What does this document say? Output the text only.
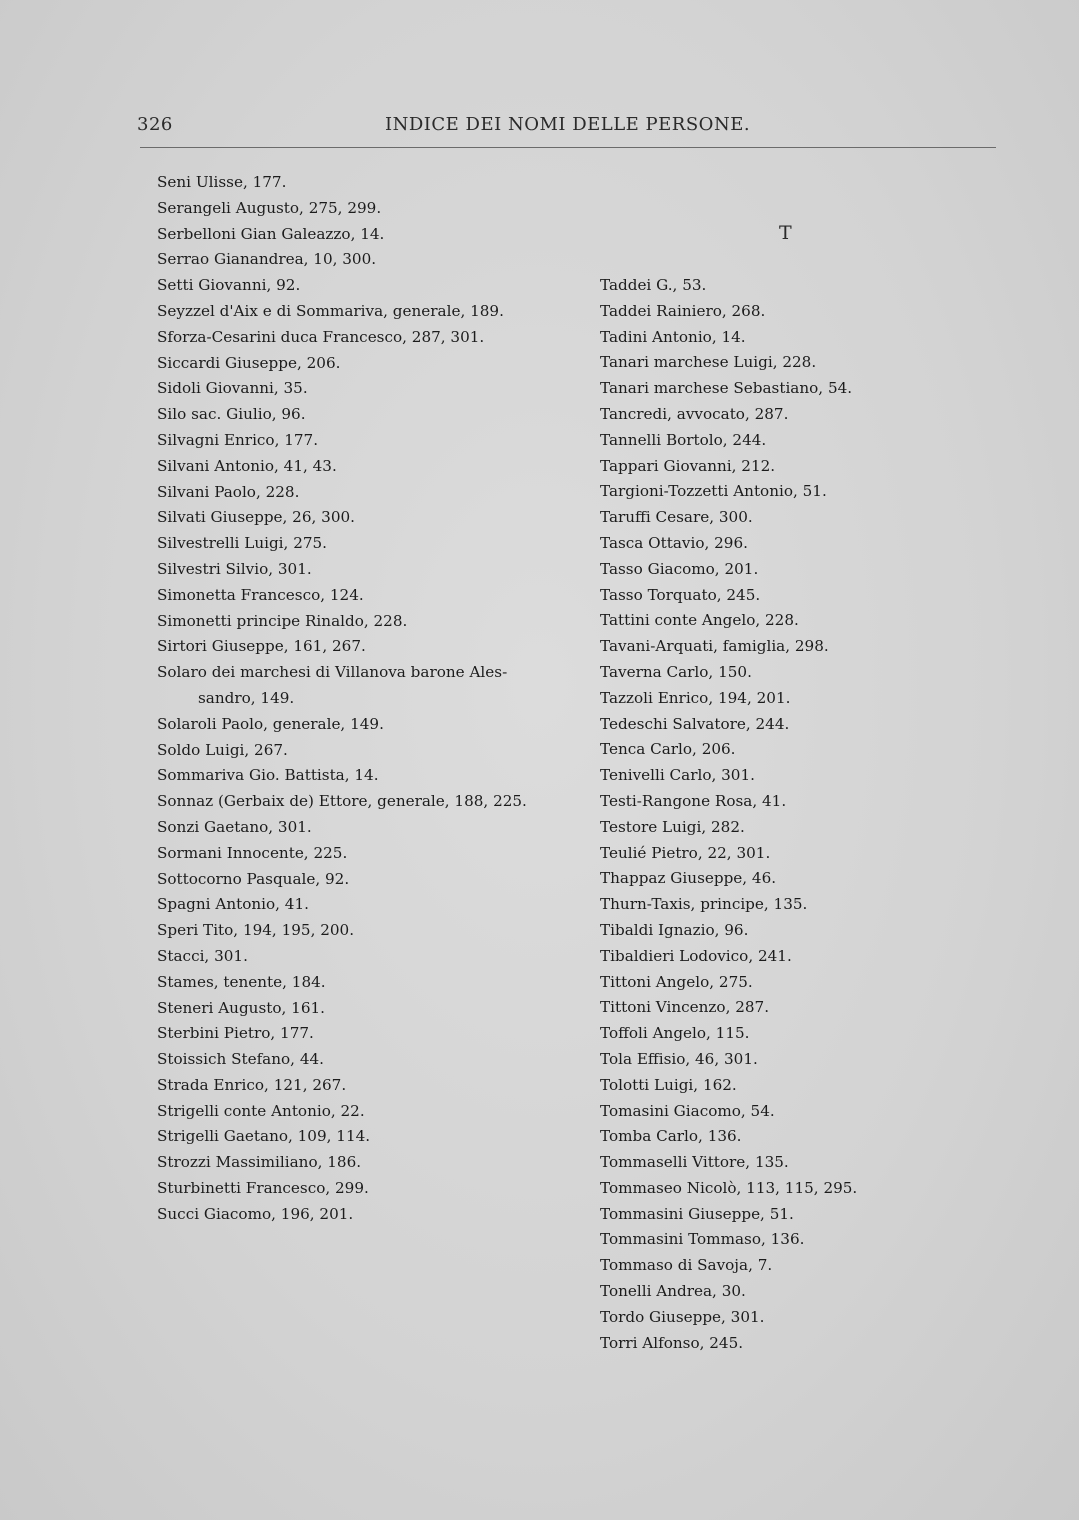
326	INDICE DEI NOMI DELLE PERSONE.
Seni Ulisse, 177.
Serangeli Augusto, 275, 299.
Serbelloni Gian Galeazzo, 14.
Serrao Gianandrea, 10, 300.
Setti Giovanni, 92.
Seyzzel d'Aix e di Sommariva, generale, 189.
Sforza-Cesarini duca Francesco, 287, 301.
Siccardi Giuseppe, 206.
Sidoli Giovanni, 35.
Silo sac. Giulio, 96.
Silvagni Enrico, 177.
Silvani Antonio, 41, 43.
Silvani Paolo, 228.
Silvati Giuseppe, 26, 300.
Silvestrelli Luigi, 275.
Silvestri Silvio, 301.
Simonetta Francesco, 124.
Simonetti principe Rinaldo, 228.
Sirtori Giuseppe, 161, 267.
Solaro dei marchesi di Villanova barone Ales-
sandro, 149.
Solaroli Paolo, generale, 149.
Soldo Luigi, 267.
Sommariva Gio. Battista, 14.
Sonnaz (Gerbaix de) Ettore, generale, 188, 225.
Sonzi Gaetano, 301.
Sormani Innocente, 225.
Sottocorno Pasquale, 92.
Spagni Antonio, 41.
Speri Tito, 194, 195, 200.
Stacci, 301.
Stames, tenente, 184.
Steneri Augusto, 161.
Sterbini Pietro, 177.
Stoissich Stefano, 44.
Strada Enrico, 121, 267.
Strigelli conte Antonio, 22.
Strigelli Gaetano, 109, 114.
Strozzi Massimiliano, 186.
Sturbinetti Francesco, 299.
Succi Giacomo, 196, 201.
T
Taddei G., 53.
Taddei Rainiero, 268.
Tadini Antonio, 14.
Tanari marchese Luigi, 228.
Tanari marchese Sebastiano, 54.
Tancredi, avvocato, 287.
Tannelli Bortolo, 244.
Tappari Giovanni, 212.
Targioni-Tozzetti Antonio, 51.
Taruffi Cesare, 300.
Tasca Ottavio, 296.
Tasso Giacomo, 201.
Tasso Torquato, 245.
Tattini conte Angelo, 228.
Tavani-Arquati, famiglia, 298.
Taverna Carlo, 150.
Tazzoli Enrico, 194, 201.
Tedeschi Salvatore, 244.
Tenca Carlo, 206.
Tenivelli Carlo, 301.
Testi-Rangone Rosa, 41.
Testore Luigi, 282.
Teulié Pietro, 22, 301.
Thappaz Giuseppe, 46.
Thurn-Taxis, principe, 135.
Tibaldi Ignazio, 96.
Tibaldieri Lodovico, 241.
Tittoni Angelo, 275.
Tittoni Vincenzo, 287.
Toffoli Angelo, 115.
Tola Effisio, 46, 301.
Tolotti Luigi, 162.
Tomasini Giacomo, 54.
Tomba Carlo, 136.
Tommaselli Vittore, 135.
Tommaseo Nicolò, 113, 115, 295.
Tommasini Giuseppe, 51.
Tommasini Tommaso, 136.
Tommaso di Savoja, 7.
Tonelli Andrea, 30.
Tordo Giuseppe, 301.
Torri Alfonso, 245.
